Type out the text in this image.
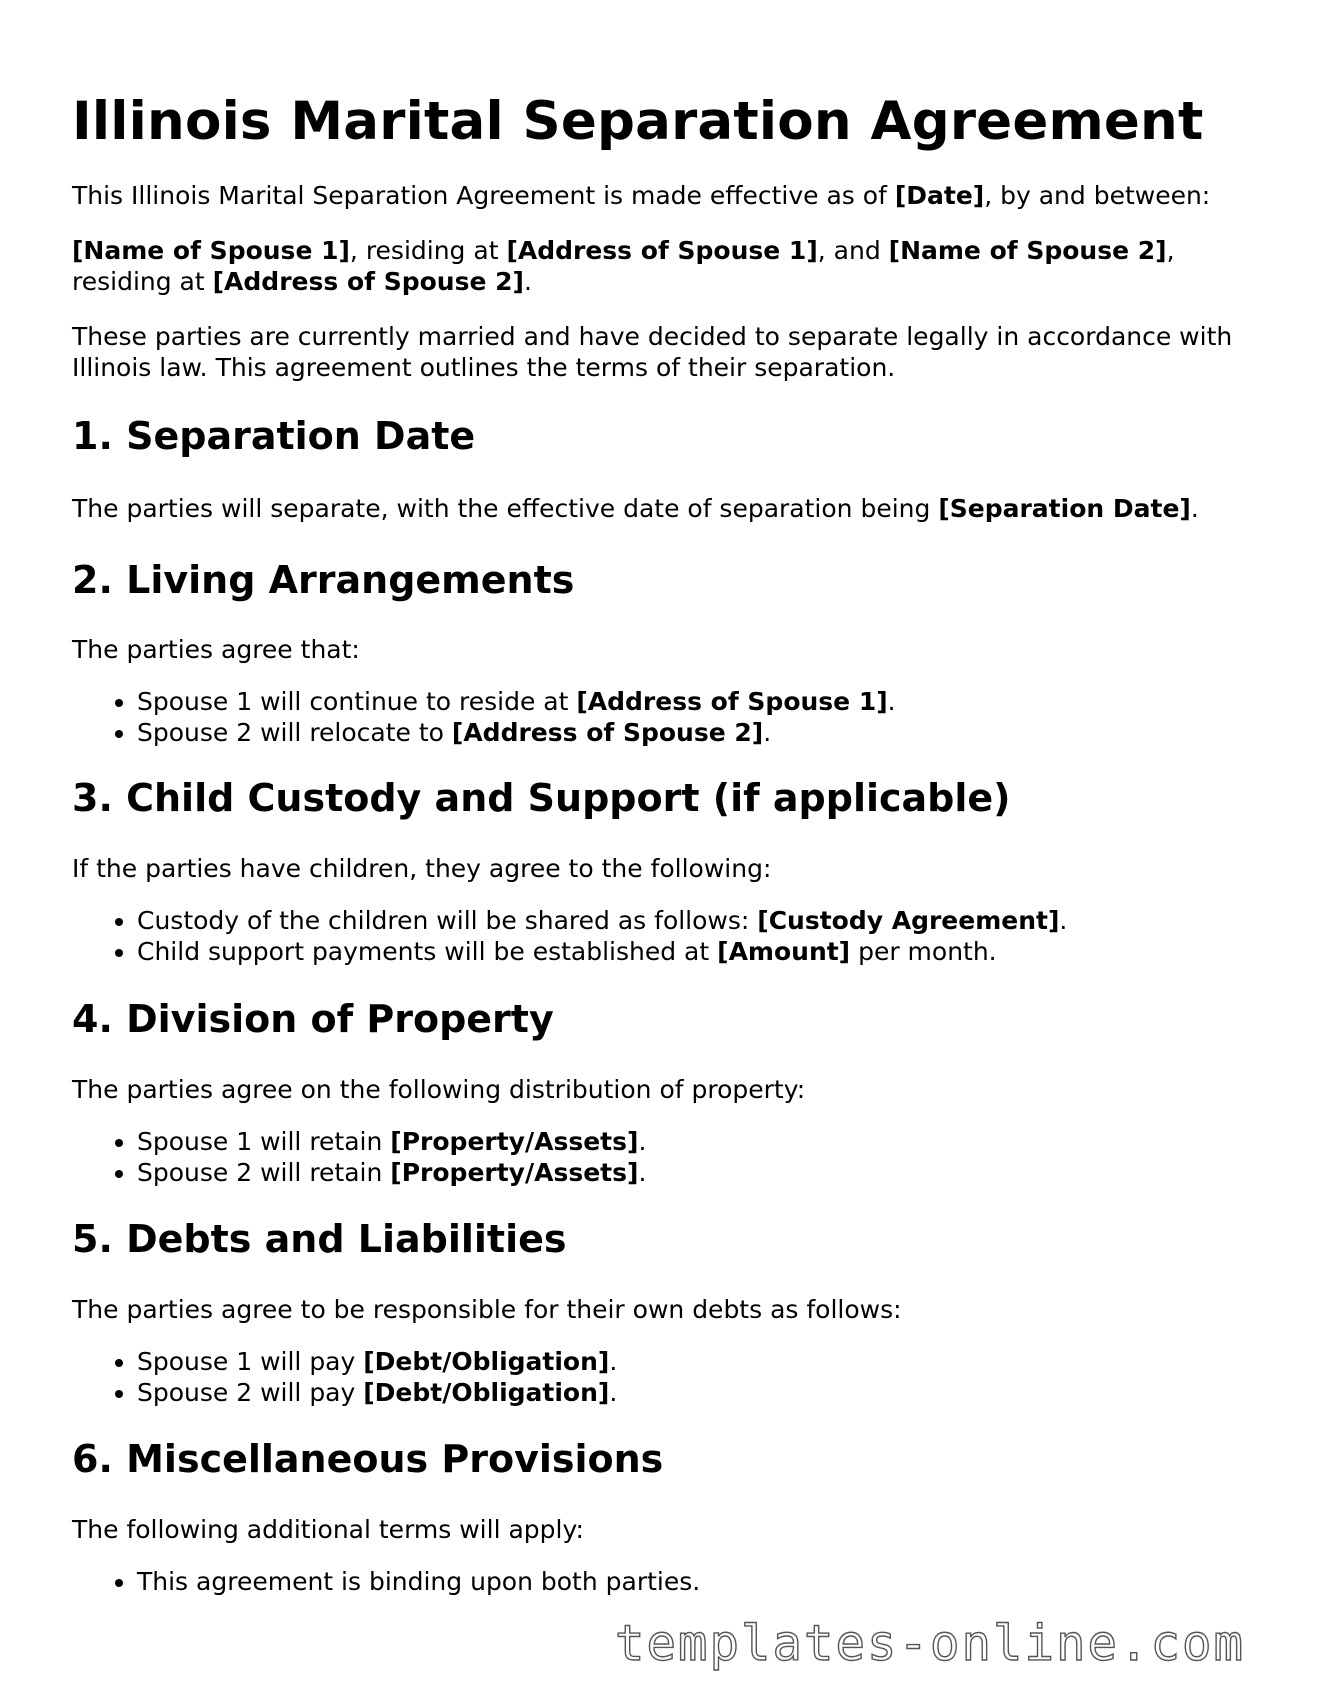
Illinois Marital Separation Agreement

This Illinois Marital Separation Agreement is made effective as of [Date], by and between:

[Name of Spouse 1], residing at [Address of Spouse 1], and [Name of Spouse 2], residing at [Address of Spouse 2].

These parties are currently married and have decided to separate legally in accordance with Illinois law. This agreement outlines the terms of their separation.

1. Separation Date

The parties will separate, with the effective date of separation being [Separation Date].

2. Living Arrangements

The parties agree that:

• Spouse 1 will continue to reside at [Address of Spouse 1].
• Spouse 2 will relocate to [Address of Spouse 2].
3. Child Custody and Support (if applicable)

If the parties have children, they agree to the following:

• Custody of the children will be shared as follows: [Custody Agreement].
• Child support payments will be established at [Amount] per month.
4. Division of Property

The parties agree on the following distribution of property:

• Spouse 1 will retain [Property/Assets].
• Spouse 2 will retain [Property/Assets].
5. Debts and Liabilities

The parties agree to be responsible for their own debts as follows:

• Spouse 1 will pay [Debt/Obligation].
• Spouse 2 will pay [Debt/Obligation].
6. Miscellaneous Provisions

The following additional terms will apply:

• This agreement is binding upon both parties.
templates-online.com
